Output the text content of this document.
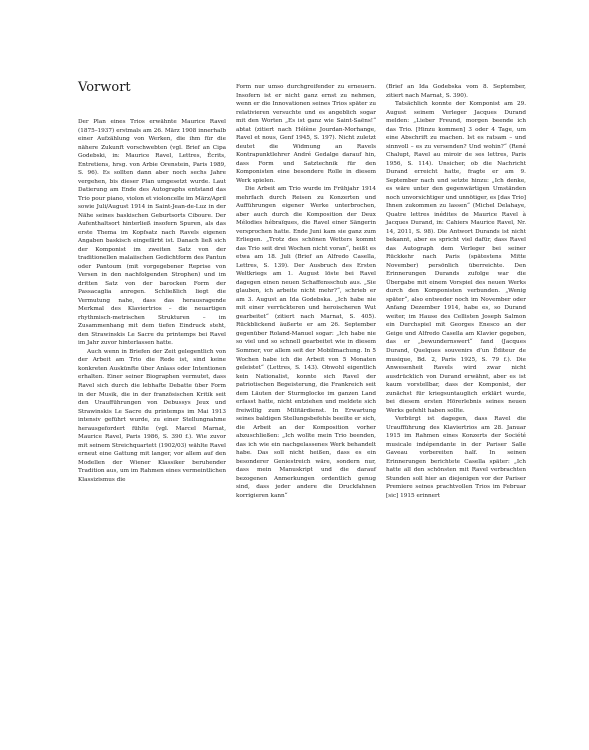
Vorwort

Der Plan eines Trios erwähnte Maurice Ravel (1875–1937) erstmals am 26. März 1908 innerhalb einer Aufzählung von Werken, die ihm für die nähere Zukunft vorschwebten (vgl. Brief an Cipa Godebski, in: Maurice Ravel, Lettres, Écrits, Entretiens, hrsg. von Arbie Orenstein, Paris 1989, S. 96). Es sollten dann aber noch sechs Jahre vergehen, bis dieser Plan umgesetzt wurde. Laut Datierung am Ende des Autographs entstand das Trio pour piano, violon et violoncelle im März/April sowie Juli/August 1914 in Saint-Jean-de-Luz in der Nähe seines baskischen Geburtsorts Ciboure. Der Aufenthaltsort hinterließ insofern Spuren, als das erste Thema im Kopfsatz nach Ravels eigenen Angaben baskisch eingefärbt ist. Danach ließ sich der Komponist im zweiten Satz von der traditionellen malaiischen Gedichtform des Pantun oder Pantoum (mit vorgegebener Reprise von Versen in den nachfolgenden Strophen) und im dritten Satz von der barocken Form der Passacaglia anregen. Schließlich liegt die Vermutung nahe, dass das herausragende Merkmal des Klaviertrios – die neuartigen rhythmisch-metrischen Strukturen – im Zusammenhang mit dem tiefen Eindruck steht, den Strawinskis Le Sacre du printemps bei Ravel im Jahr zuvor hinterlassen hatte.

Auch wenn in Briefen der Zeit gelegentlich von der Arbeit am Trio die Rede ist, sind keine konkreten Auskünfte über Anlass oder Intentionen erhalten. Einer seiner Biographen vermutet, dass Ravel sich durch die lebhafte Debatte über Form in der Musik, die in der französischen Kritik seit den Uraufführungen von Debussys Jeux und Strawinskis Le Sacre du printemps im Mai 1913 intensiv geführt wurde, zu einer Stellungnahme herausgefordert fühlte (vgl. Marcel Marnat, Maurice Ravel, Paris 1986, S. 390 f.). Wie zuvor mit seinem Streichquartett (1902/03) wählte Ravel erneut eine Gattung mit langer, vor allem auf den Modellen der Wiener Klassiker beruhender Tradition aus, um im Rahmen eines vermeintlichen Klassizismus die

Form nur umso durchgreifender zu erneuern. Insofern ist er nicht ganz ernst zu nehmen, wenn er die Innovationen seines Trios später zu relativieren versuchte und es angeblich sogar mit den Worten „Es ist ganz wie Saint-Saëns!“ abtat (zitiert nach Hélène Jourdan-Morhange, Ravel et nous, Genf 1945, S. 197). Nicht zuletzt deutet die Widmung an Ravels Kontrapunktlehrer André Gedalge darauf hin, dass Form und Satztechnik für den Komponisten eine besondere Rolle in diesem Werk spielen.

Die Arbeit am Trio wurde im Frühjahr 1914 mehrfach durch Reisen zu Konzerten und Aufführungen eigener Werke unterbrochen, aber auch durch die Komposition der Deux Mélodies hébraïques, die Ravel einer Sängerin versprochen hatte. Ende Juni kam sie ganz zum Erliegen. „Trotz des schönen Wetters kommt das Trio seit drei Wochen nicht voran“, heißt es etwa am 18. Juli (Brief an Alfredo Casella, Lettres, S. 139). Der Ausbruch des Ersten Weltkriegs am 1. August löste bei Ravel dagegen einen neuen Schaffensschub aus. „Sie glauben, ich arbeite nicht mehr?“, schrieb er am 3. August an Ida Godebska. „Ich habe nie mit einer verrückteren und heroischeren Wut gearbeitet“ (zitiert nach Marnat, S. 405). Rückblickend äußerte er am 26. September gegenüber Roland-Manuel sogar: „Ich habe nie so viel und so schnell gearbeitet wie in diesem Sommer, vor allem seit der Mobilmachung. In 5 Wochen habe ich die Arbeit von 5 Monaten geleistet“ (Lettres, S. 143). Obwohl eigentlich kein Nationalist, konnte sich Ravel der patriotischen Begeisterung, die Frankreich seit dem Läuten der Sturmglocke im ganzen Land erfasst hatte, nicht entziehen und meldete sich freiwillig zum Militärdienst. In Erwartung seines baldigen Stellungsbefehls beeilte er sich, die Arbeit an der Komposition vorher abzuschließen: „Ich wollte mein Trio beenden, das ich wie ein nachgelassenes Werk behandelt habe. Das soll nicht heißen, dass es ein besonderer Geniestreich wäre, sondern nur, dass mein Manuskript und die darauf bezogenen Anmerkungen ordentlich genug sind, dass jeder andere die Druckfahnen korrigieren kann“

(Brief an Ida Godebska vom 8. September, zitiert nach Marnat, S. 390).

Tatsächlich konnte der Komponist am 29. August seinem Verleger Jacques Durand melden: „Lieber Freund, morgen beende ich das Trio. [Hinzu kommen] 3 oder 4 Tage, um eine Abschrift zu machen. Ist es ratsam – und sinnvoll – es zu versenden? Und wohin?“ (René Chalupt, Ravel au miroir de ses lettres, Paris 1956, S. 114). Unsicher, ob die Nachricht Durand erreicht hatte, fragte er am 9. September nach und setzte hinzu: „Ich denke, es wäre unter den gegenwärtigen Umständen noch unvorsichtiger und unnötiger, es [das Trio] Ihnen zukommen zu lassen“ (Michel Delahaye, Quatre lettres inédites de Maurice Ravel à Jacques Durand, in: Cahiers Maurice Ravel, Nr. 14, 2011, S. 98). Die Antwort Durands ist nicht bekannt, aber es spricht viel dafür, dass Ravel das Autograph dem Verleger bei seiner Rückkehr nach Paris (spätestens Mitte November) persönlich überreichte. Den Erinnerungen Durands zufolge war die Übergabe mit einem Vorspiel des neuen Werks durch den Komponisten verbunden. „Wenig später“, also entweder noch im November oder Anfang Dezember 1914, habe es, so Durand weiter, im Hause des Cellisten Joseph Salmon ein Durchspiel mit Georges Enesco an der Geige und Alfredo Casella am Klavier gegeben, das er „bewundernswert“ fand (Jacques Durand, Quelques souvenirs d’un Éditeur de musique, Bd. 2, Paris 1925, S. 79 f.). Die Anwesenheit Ravels wird zwar nicht ausdrücklich von Durand erwähnt, aber es ist kaum vorstellbar, dass der Komponist, der zunächst für kriegsuntauglich erklärt wurde, bei diesem ersten Hörerlebnis seines neuen Werks gefehlt haben sollte.

Verbürgt ist dagegen, dass Ravel die Uraufführung des Klaviertrios am 28. Januar 1915 im Rahmen eines Konzerts der Société musicale indépendante in der Pariser Salle Gaveau vorbereiten half. In seinen Erinnerungen berichtete Casella später: „Ich hatte all den schönsten mit Ravel verbrachten Stunden soll hier an diejenigen vor der Pariser Premiere seines prachtvollen Trios im Februar [sic] 1915 erinnert
